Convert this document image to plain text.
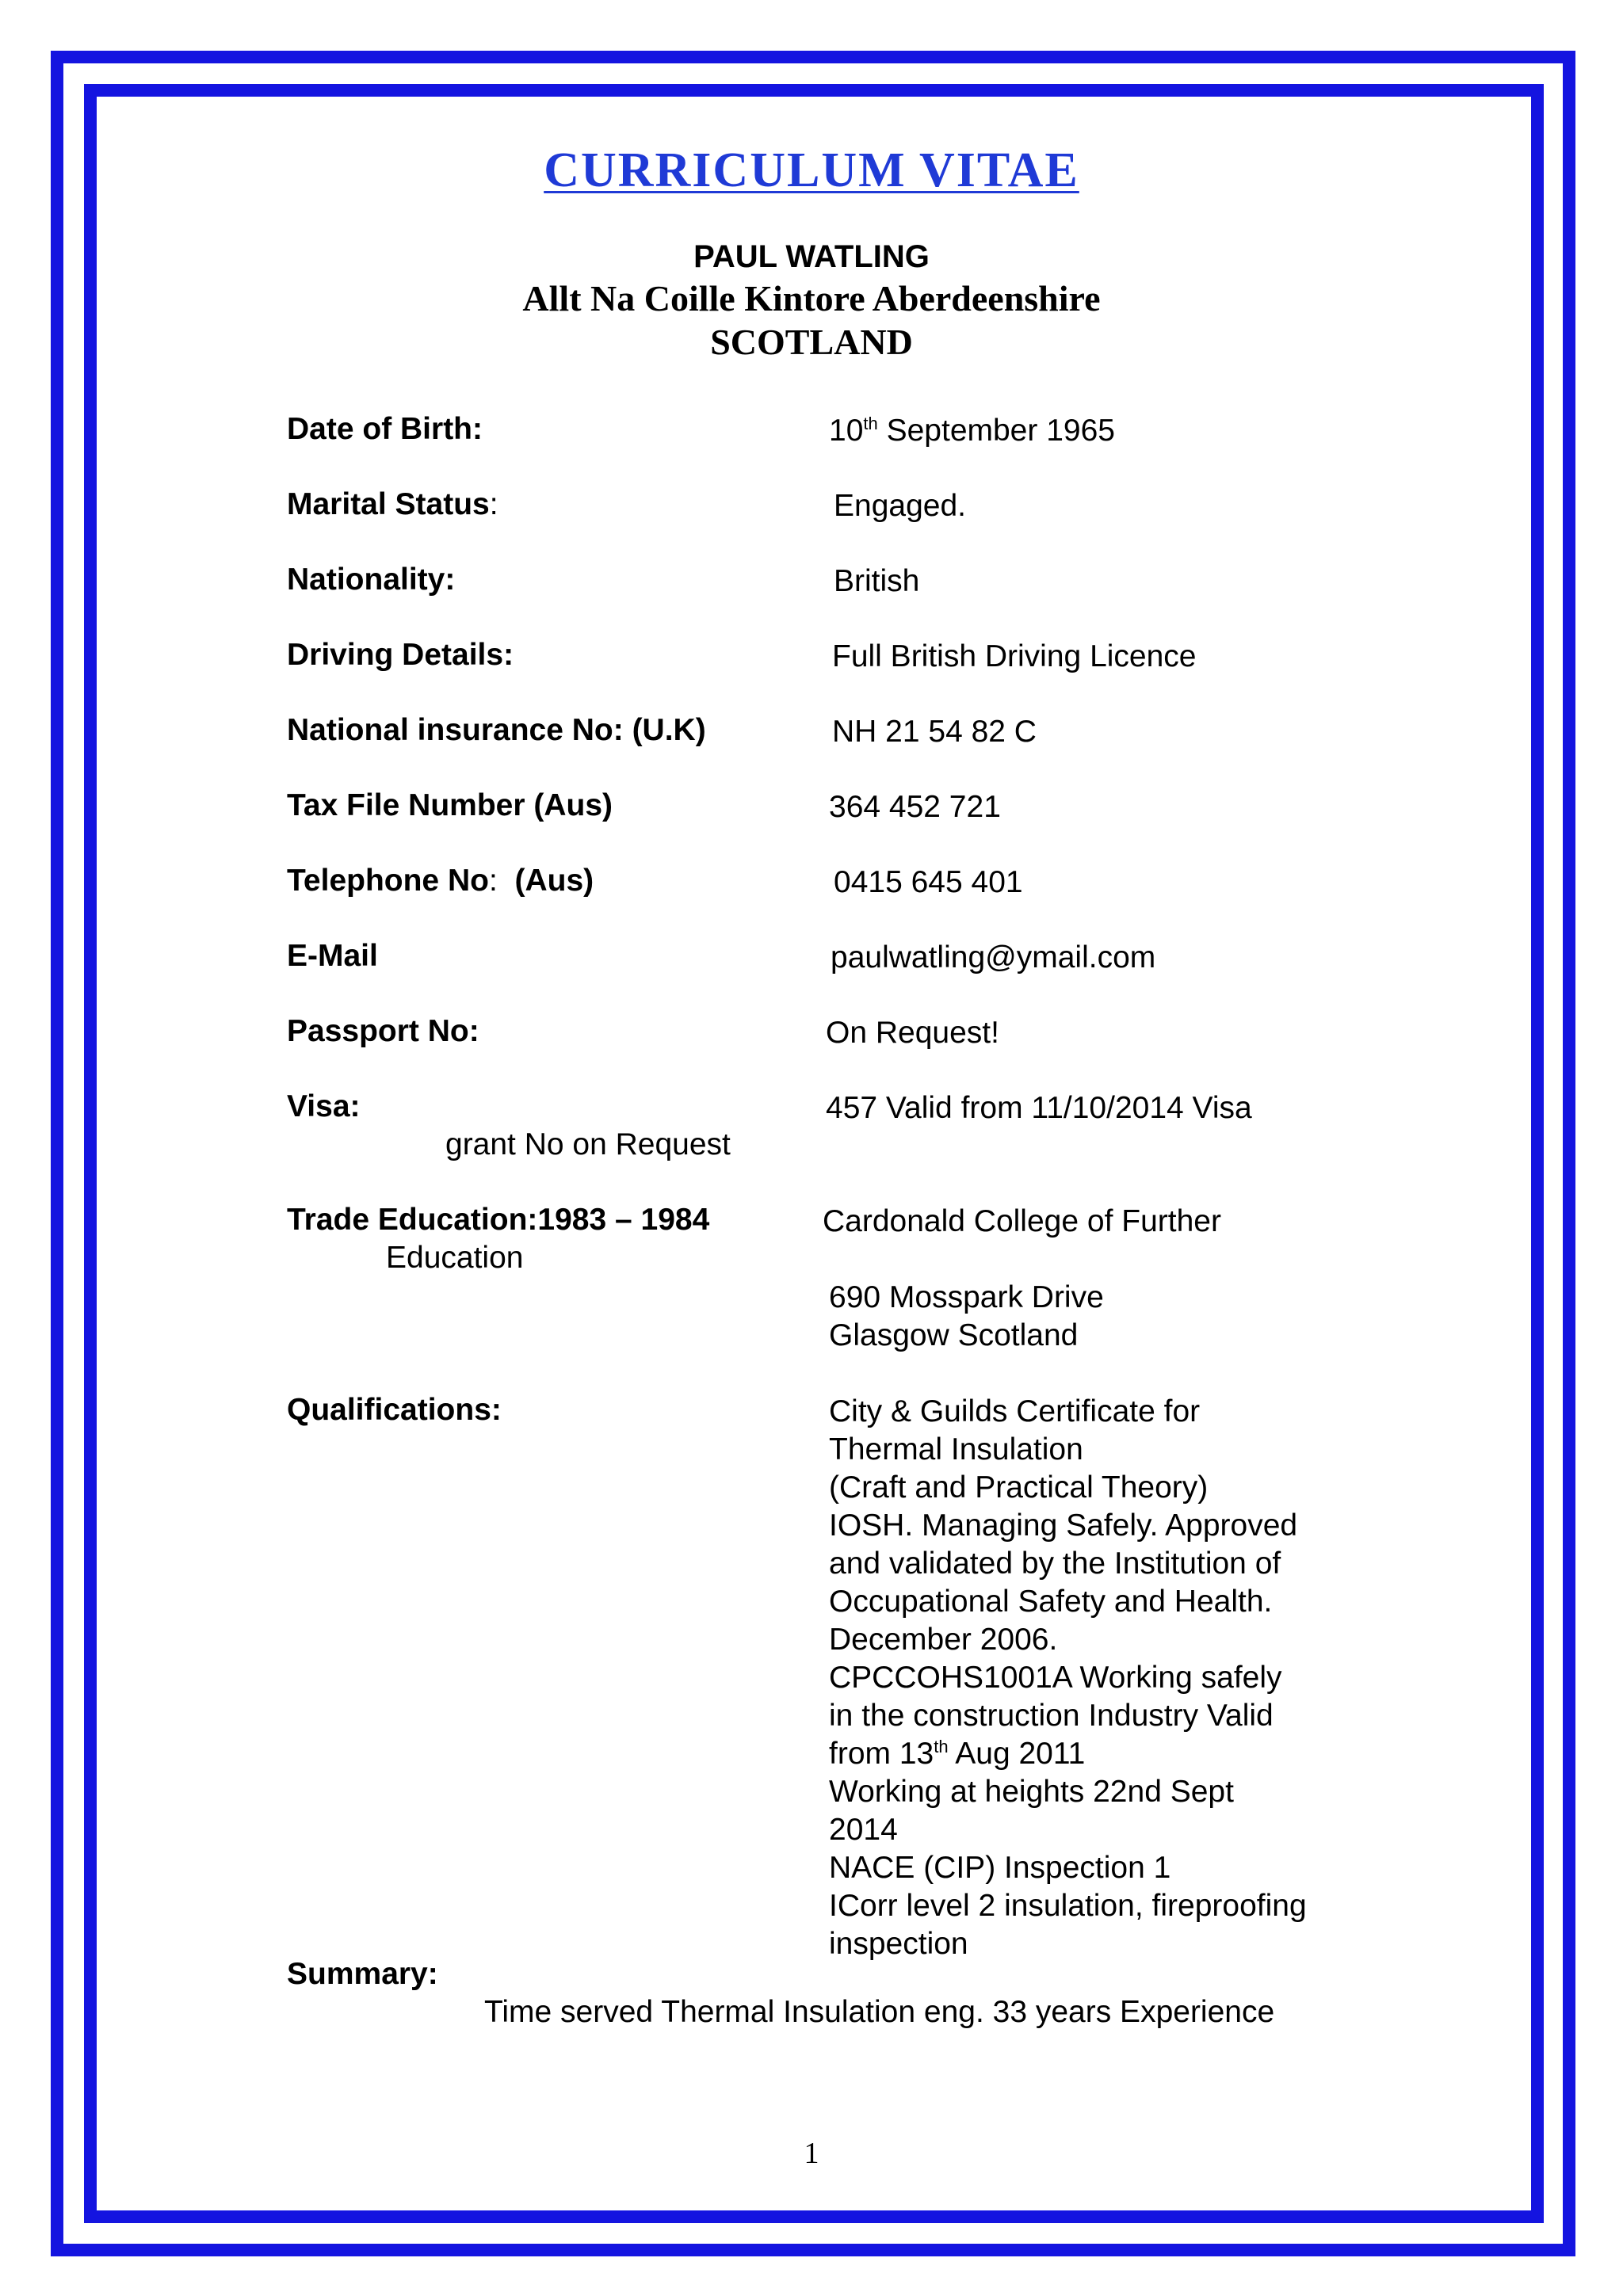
CURRICULUM VITAE
PAUL WATLING
Allt Na Coille Kintore Aberdeenshire
SCOTLAND
Date of Birth:	10th September 1965
Marital Status:	Engaged.
Nationality:	British
Driving Details:	Full British Driving Licence
National insurance No: (U.K)	NH 21 54 82 C
Tax File Number (Aus)	364 452 721
Telephone No:  (Aus)	0415 645 401
E-Mail	paulwatling@ymail.com
Passport No:	On Request!
Visa:	457 Valid from 11/10/2014 Visa
grant No on Request
Trade Education:1983 – 1984	Cardonald College of Further
Education
690 Mosspark Drive
Glasgow Scotland
Qualifications:	City & Guilds Certificate for
Thermal Insulation
(Craft and Practical Theory)
IOSH. Managing Safely. Approved
and validated by the Institution of
Occupational Safety and Health.
December 2006.
CPCCOHS1001A Working safely
in the construction Industry Valid
from 13th Aug 2011
Working at heights 22nd Sept
2014
NACE (CIP) Inspection 1
ICorr level 2 insulation, fireproofing
inspection
Summary:
Time served Thermal Insulation eng. 33 years Experience
1
